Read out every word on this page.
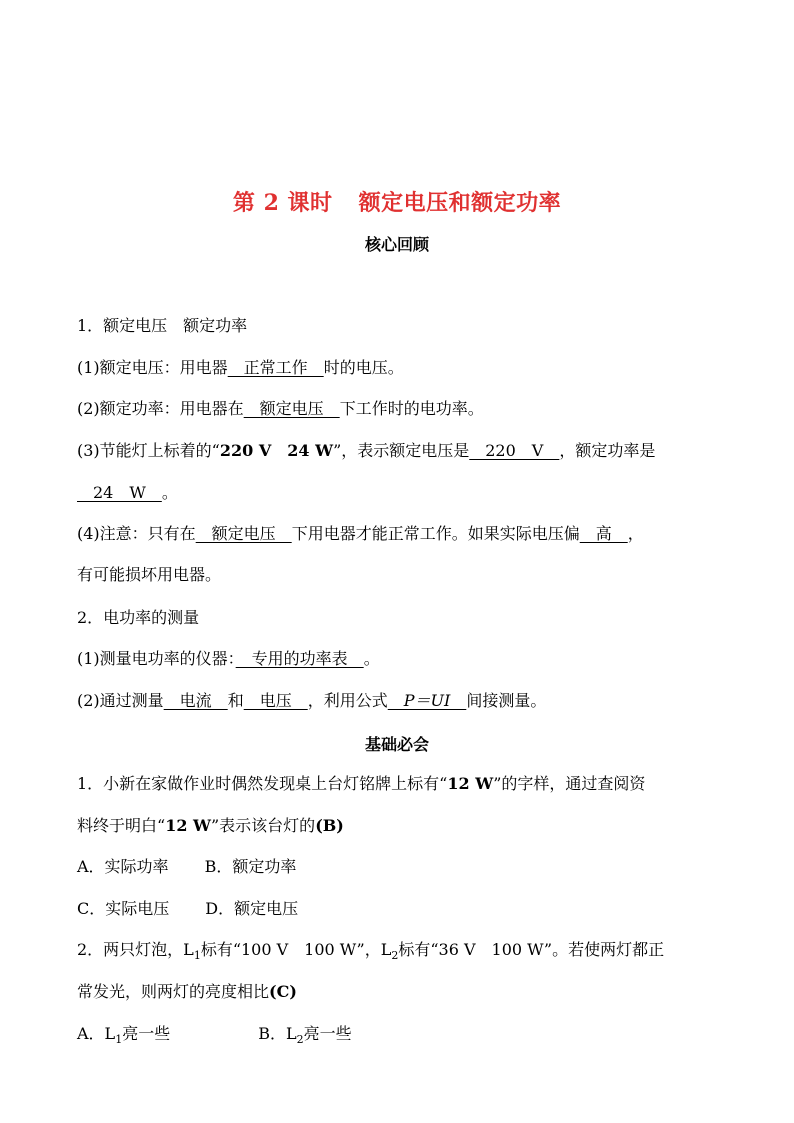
第 2 课时 额定电压和额定功率
核心回顾
1．额定电压　额定功率
(1)额定电压：用电器　正常工作　时的电压。
(2)额定功率：用电器在　额定电压　下工作时的电功率。
(3)节能灯上标着的“220 V　24 W”，表示额定电压是　220　V　，额定功率是
　24　W　。
(4)注意：只有在　额定电压　下用电器才能正常工作。如果实际电压偏　高　，
有可能损坏用电器。
2．电功率的测量
(1)测量电功率的仪器：　专用的功率表　。
(2)通过测量　电流　和　电压　，利用公式　P＝UI　间接测量。
基础必会
1．小新在家做作业时偶然发现桌上台灯铭牌上标有“12 W”的字样，通过查阅资
料终于明白“12 W”表示该台灯的(B)
A．实际功率 B．额定功率
C．实际电压 D．额定电压
2．两只灯泡，$L_1$标有“100 V　100 W”，$L_2$标有“36 V　100 W”。若使两灯都正
常发光，则两灯的亮度相比(C)
A．$L_1$亮一些	B．$L_2$亮一些
